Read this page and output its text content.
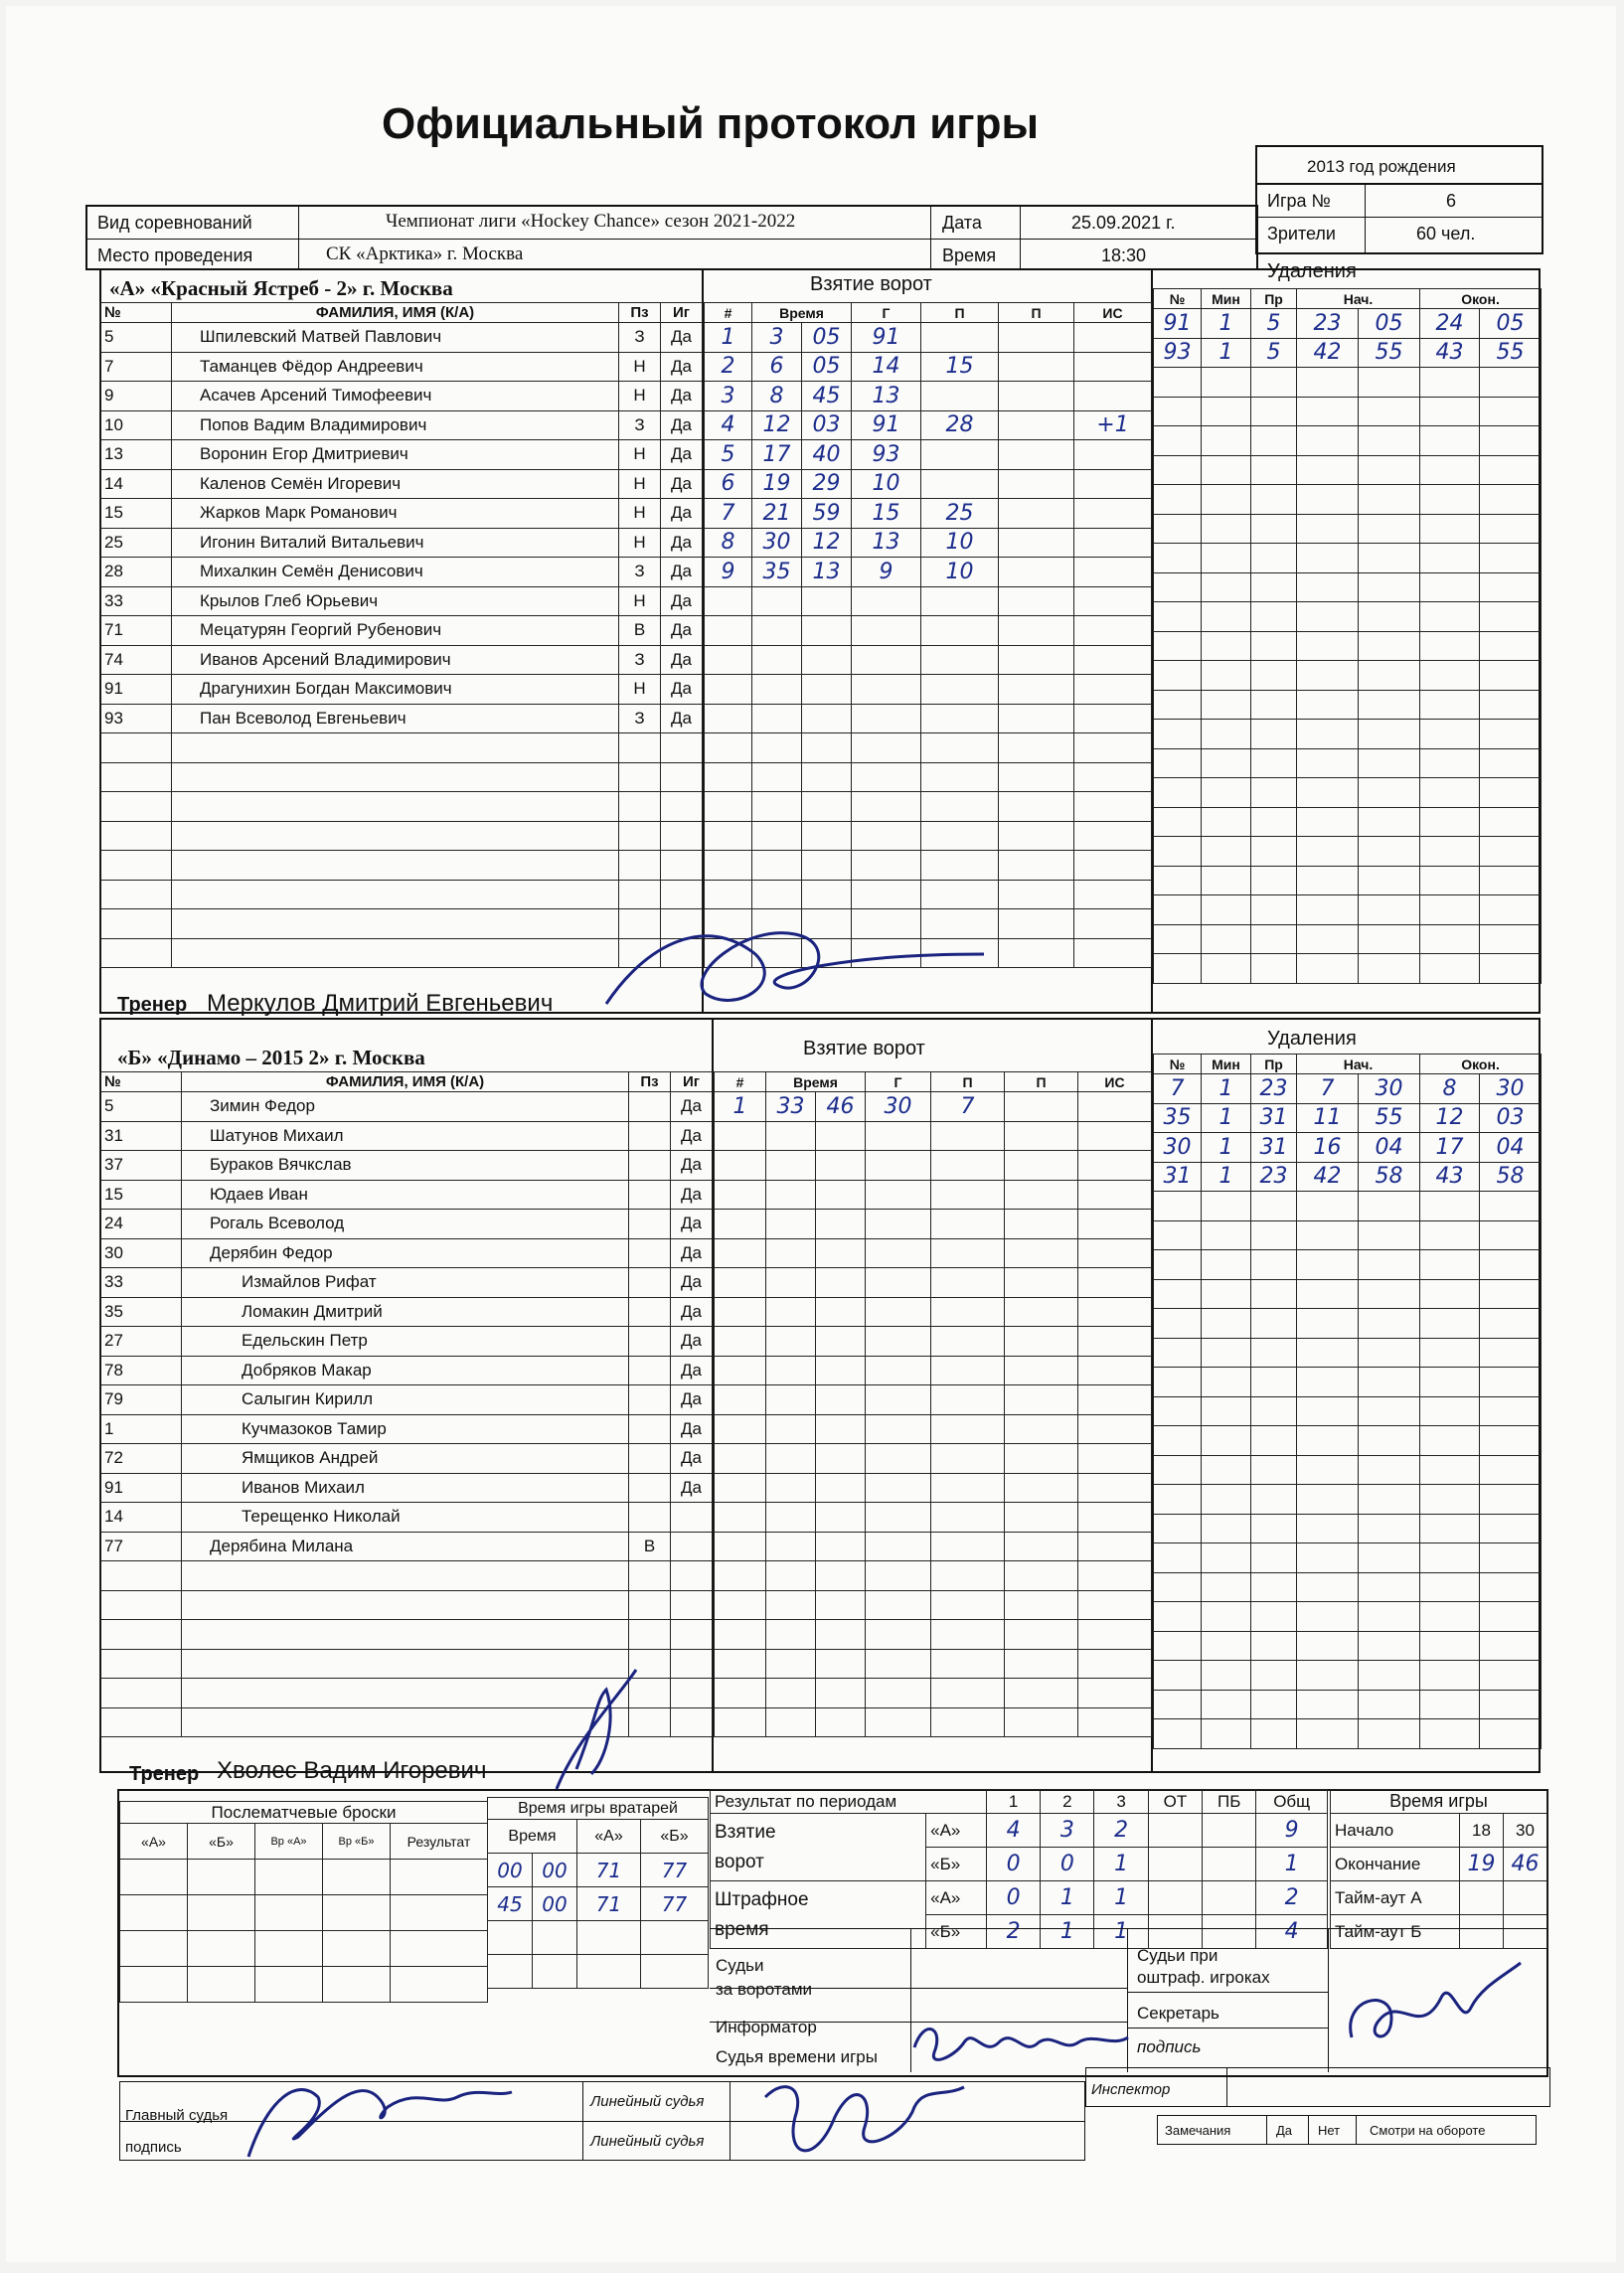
Официальный протокол игры
2013 год рождения
Игра №	6
Зрители	60 чел.
Вид соревнований	Чемпионат лиги «Hockey Chance» сезон 2021-2022
Место проведения	СК «Арктика» г. Москва
Дата	25.09.2021 г.
Время	18:30
«А» «Красный Ястреб - 2» г. Москва	Взятие ворот
Удаления
№	ФАМИЛИЯ, ИМЯ (К/А)	Пз	Иг
5	Шпилевский Матвей Павлович	З	Да
7	Таманцев Фёдор Андреевич	Н	Да
9	Асачев Арсений Тимофеевич	Н	Да
10	Попов Вадим Владимирович	З	Да
13	Воронин Егор Дмитриевич	Н	Да
14	Каленов Семён Игоревич	Н	Да
15	Жарков Марк Романович	Н	Да
25	Игонин Виталий Витальевич	Н	Да
28	Михалкин Семён Денисович	З	Да
33	Крылов Глеб Юрьевич	Н	Да
71	Мецатурян Георгий Рубенович	В	Да
74	Иванов Арсений Владимирович	З	Да
91	Драгунихин Богдан Максимович	Н	Да
93	Пан Всеволод Евгеньевич	З	Да

#	Время		Г	П	П	ИС
1	3	05	91			
2	6	05	14	15		
3	8	45	13			
4	12	03	91	28		+1
5	17	40	93			
6	19	29	10			
7	21	59	15	25		
8	30	12	13	10		
9	35	13	9	10		

№	Мин	Пр	Нач.		Окон.	
91	1	5	23	05	24	05
93	1	5	42	55	43	55

Тренер Меркулов Дмитрий Евгеньевич
«Б» «Динамо – 2015 2» г. Москва	Взятие ворот	Удаления
№	ФАМИЛИЯ, ИМЯ (К/А)	Пз	Иг
5	Зимин Федор		Да
31	Шатунов Михаил		Да
37	Бураков Вячкслав		Да
15	Юдаев Иван		Да
24	Рогаль Всеволод		Да
30	Дерябин Федор		Да
33	Измайлов Рифат		Да
35	Ломакин Дмитрий		Да
27	Едельскин Петр		Да
78	Добряков Макар		Да
79	Салыгин Кирилл		Да
1	Кучмазоков Тамир		Да
72	Ямщиков Андрей		Да
91	Иванов Михаил		Да
14	Терещенко Николай		
77	Дерябина Милана	В	

#	Время		Г	П	П	ИС
1	33	46	30	7		

№	Мин	Пр	Нач.		Окон.	
7	1	23	7	30	8	30
35	1	31	11	55	12	03
30	1	31	16	04	17	04
31	1	23	42	58	43	58

Тренер Хволес Вадим Игоревич
Послематчевые броски				
«А»	«Б»	Вр «А»	Вр «Б»	Результат

Время игры вратарей			
Время		«А»	«Б»
00	00	71	77
45	00	71	77

Результат по периодам		1	2	3	ОТ	ПБ	Общ

Взятие
ворот	«А»	4	3	2			9
	«Б»	0	0	1			1

Штрафное
время	«А»	0	1	1			2
	«Б»	2	1	1			4
Время игры		
Начало	18	30
Окончание	19	46
Тайм-аут А		
Тайм-аут Б		
Судьи
за воротами
Информатор
Судья времени игры
Судьи при
оштраф. игроках
Секретарь
подпись
Главный судья
подпись
Линейный судья
Линейный судья
Инспектор
Замечания	Да Нет Смотри на обороте
